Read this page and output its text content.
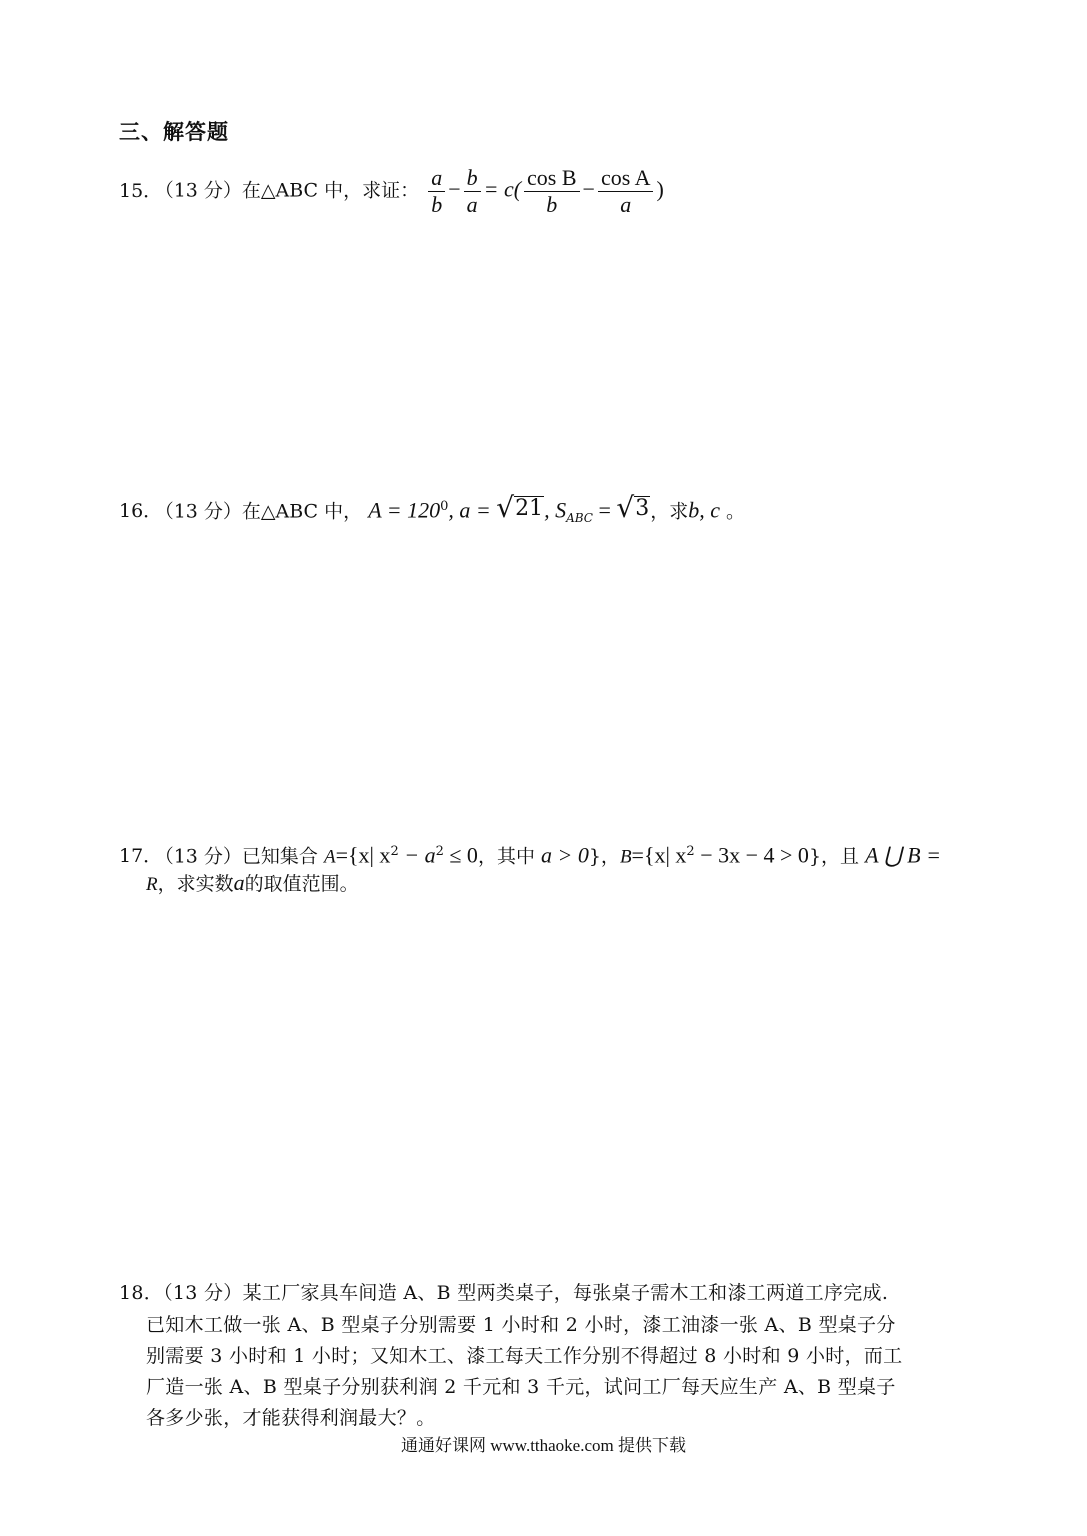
三、解答题
15． （13 分）在△ABC 中，求证： $\frac{a}{b} - \frac{b}{a} = c( \frac{\text{cos B}}{b} - \frac{\text{cos A}}{a}$ )
16． （13 分）在△ABC 中， $A = 120^0$, a = √ 21 , $S_{ABC}$ = √ 3 ，求b, c 。
17． （13 分）已知集合 A={x| $x^2 - a^2 \le 0$，其中 a > 0}，B={x| $x^2 - 3x - 4 > 0$}，且 A ⋃ B =
R，求实数a的取值范围。
18．（13 分）某工厂家具车间造 A、B 型两类桌子，每张桌子需木工和漆工两道工序完成.
已知木工做一张 A、B 型桌子分别需要 1 小时和 2 小时，漆工油漆一张 A、B 型桌子分
别需要 3 小时和 1 小时；又知木工、漆工每天工作分别不得超过 8 小时和 9 小时，而工
厂造一张 A、B 型桌子分别获利润 2 千元和 3 千元，试问工厂每天应生产 A、B 型桌子
各多少张，才能获得利润最大？。
通通好课网 www.tthaoke.com 提供下载
